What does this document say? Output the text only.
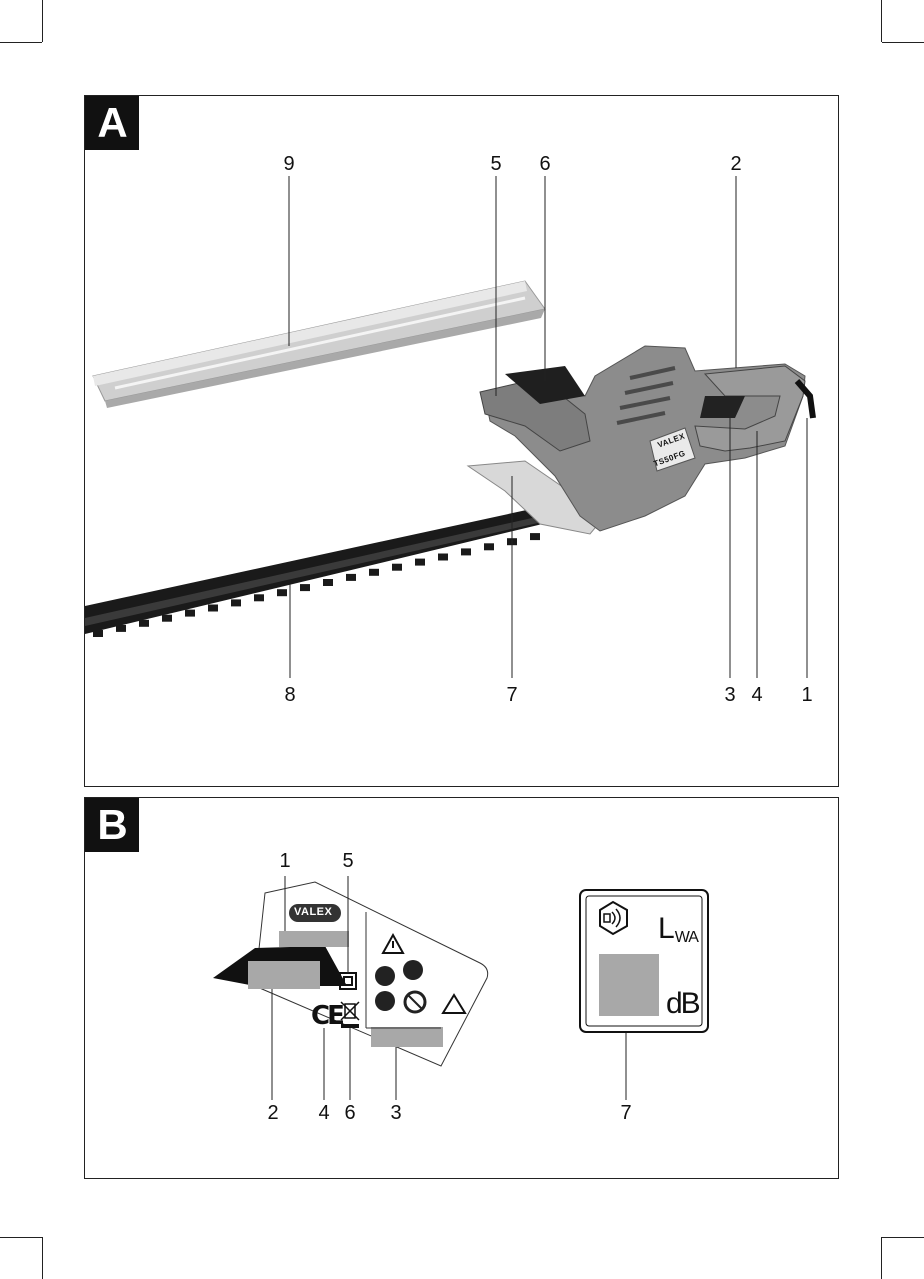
A
VALEX
TS50FG
9	5	6	2
8	7	3 4	1
B
VALEX
CE
$L_{WA}$
dB
1	5
2	4 6	3	7
